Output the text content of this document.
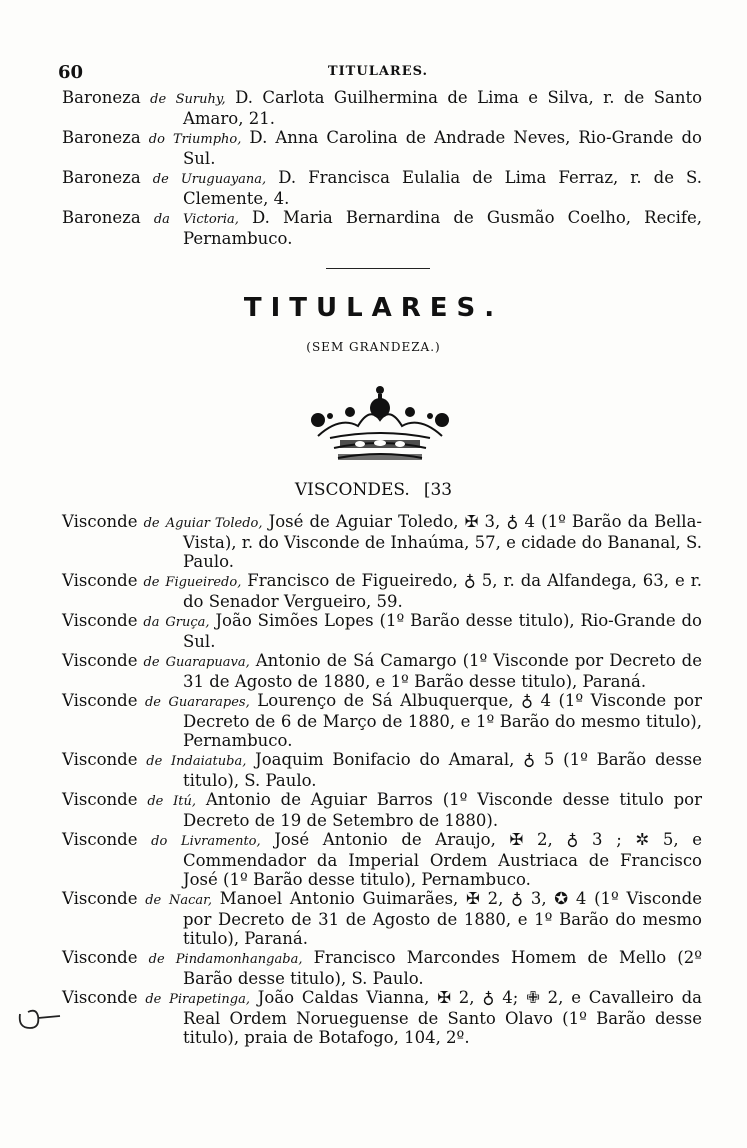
60	TITULARES.

Baroneza de Suruhy, D. Carlota Guilhermina de Lima e Silva, r. de Santo Amaro, 21.

Baroneza do Triumpho, D. Anna Carolina de Andrade Neves, Rio-Grande do Sul.

Baroneza de Uruguayana, D. Francisca Eulalia de Lima Ferraz, r. de S. Clemente, 4.

Baroneza da Victoria, D. Maria Bernardina de Gusmão Coelho, Recife, Pernambuco.

TITULARES.
(SEM GRANDEZA.)
VISCONDES. [33

Visconde de Aguiar Toledo, José de Aguiar Toledo, ✠ 3, ♁ 4 (1º Barão da Bella-Vista), r. do Visconde de Inhaúma, 57, e cidade do Bananal, S. Paulo.

Visconde de Figueiredo, Francisco de Figueiredo, ♁ 5, r. da Alfandega, 63, e r. do Senador Vergueiro, 59.

Visconde da Gruça, João Simões Lopes (1º Barão desse titulo), Rio-Grande do Sul.

Visconde de Guarapuava, Antonio de Sá Camargo (1º Visconde por Decreto de 31 de Agosto de 1880, e 1º Barão desse titulo), Paraná.

Visconde de Guararapes, Lourenço de Sá Albuquerque, ♁ 4 (1º Visconde por Decreto de 6 de Março de 1880, e 1º Barão do mesmo titulo), Pernambuco.

Visconde de Indaiatuba, Joaquim Bonifacio do Amaral, ♁ 5 (1º Barão desse titulo), S. Paulo.

Visconde de Itú, Antonio de Aguiar Barros (1º Visconde desse titulo por Decreto de 19 de Setembro de 1880).

Visconde do Livramento, José Antonio de Araujo, ✠ 2, ♁ 3 ; ✲ 5, e Commendador da Imperial Ordem Austriaca de Francisco José (1º Barão desse titulo), Pernambuco.

Visconde de Nacar, Manoel Antonio Guimarães, ✠ 2, ♁ 3, ✪ 4 (1º Visconde por Decreto de 31 de Agosto de 1880, e 1º Barão do mesmo titulo), Paraná.

Visconde de Pindamonhangaba, Francisco Marcondes Homem de Mello (2º Barão desse titulo), S. Paulo.

Visconde de Pirapetinga, João Caldas Vianna, ✠ 2, ♁ 4; ✙ 2, e Cavalleiro da Real Ordem Norueguense de Santo Olavo (1º Barão desse titulo), praia de Botafogo, 104, 2º.
